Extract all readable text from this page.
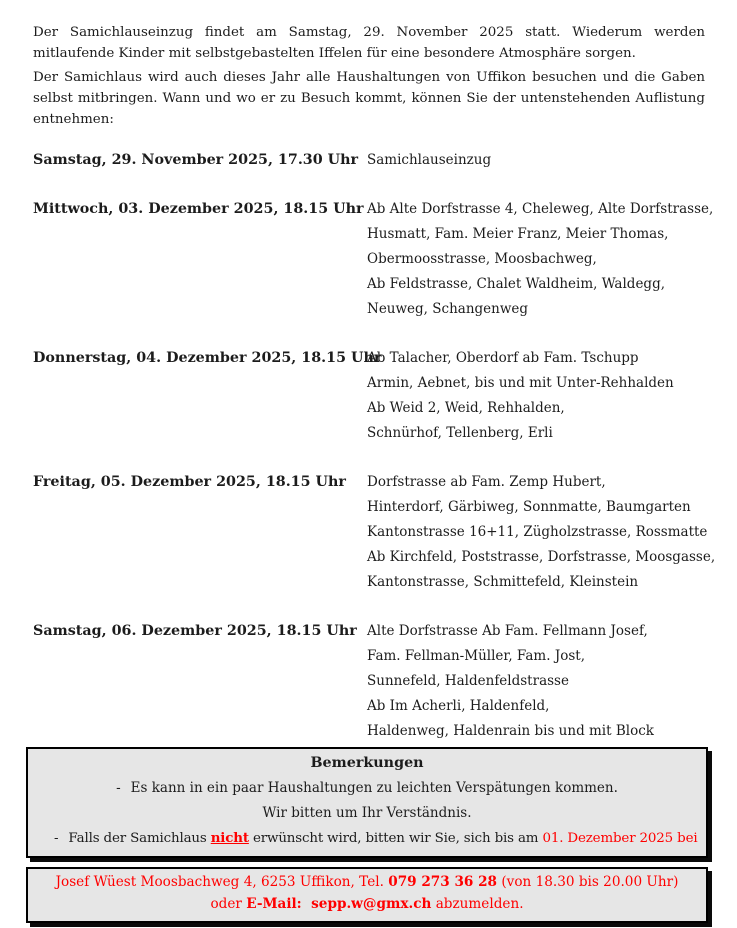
Der Samichlauseinzug findet am Samstag, 29. November 2025 statt. Wiederum werden mitlaufende Kinder mit selbstgebastelten Iffelen für eine besondere Atmosphäre sorgen.

Der Samichlaus wird auch dieses Jahr alle Haushaltungen von Uffikon besuchen und die Gaben selbst mitbringen. Wann und wo er zu Besuch kommt, können Sie der untenstehenden Auflistung entnehmen:

Samstag, 29. November 2025, 17.30 Uhr Samichlauseinzug
Mittwoch, 03. Dezember 2025, 18.15 Uhr Ab Alte Dorfstrasse 4, Cheleweg, Alte Dorfstrasse,
Husmatt, Fam. Meier Franz, Meier Thomas,
Obermoosstrasse, Moosbachweg,
Ab Feldstrasse, Chalet Waldheim, Waldegg,
Neuweg, Schangenweg
Donnerstag, 04. Dezember 2025, 18.15 Uhr
Ab Talacher, Oberdorf ab Fam. Tschupp
Armin, Aebnet, bis und mit Unter-Rehhalden
Ab Weid 2, Weid, Rehhalden,
Schnürhof, Tellenberg, Erli
Freitag, 05. Dezember 2025, 18.15 Uhr	Dorfstrasse ab Fam. Zemp Hubert,
Hinterdorf, Gärbiweg, Sonnmatte, Baumgarten
Kantonstrasse 16+11, Zügholzstrasse, Rossmatte
Ab Kirchfeld, Poststrasse, Dorfstrasse, Moosgasse,
Kantonstrasse, Schmittefeld, Kleinstein
Samstag, 06. Dezember 2025, 18.15 Uhr Alte Dorfstrasse Ab Fam. Fellmann Josef,
Fam. Fellman-Müller, Fam. Jost,
Sunnefeld, Haldenfeldstrasse
Ab Im Acherli, Haldenfeld,
Haldenweg, Haldenrain bis und mit Block
Bemerkungen
- Es kann in ein paar Haushaltungen zu leichten Verspätungen kommen.
Wir bitten um Ihr Verständnis.
- Falls der Samichlaus nicht erwünscht wird, bitten wir Sie, sich bis am 01. Dezember 2025 bei

Josef Wüest Moosbachweg 4, 6253 Uffikon, Tel. 079 273 36 28 (von 18.30 bis 20.00 Uhr) oder E-Mail:  sepp.w@gmx.ch abzumelden.
